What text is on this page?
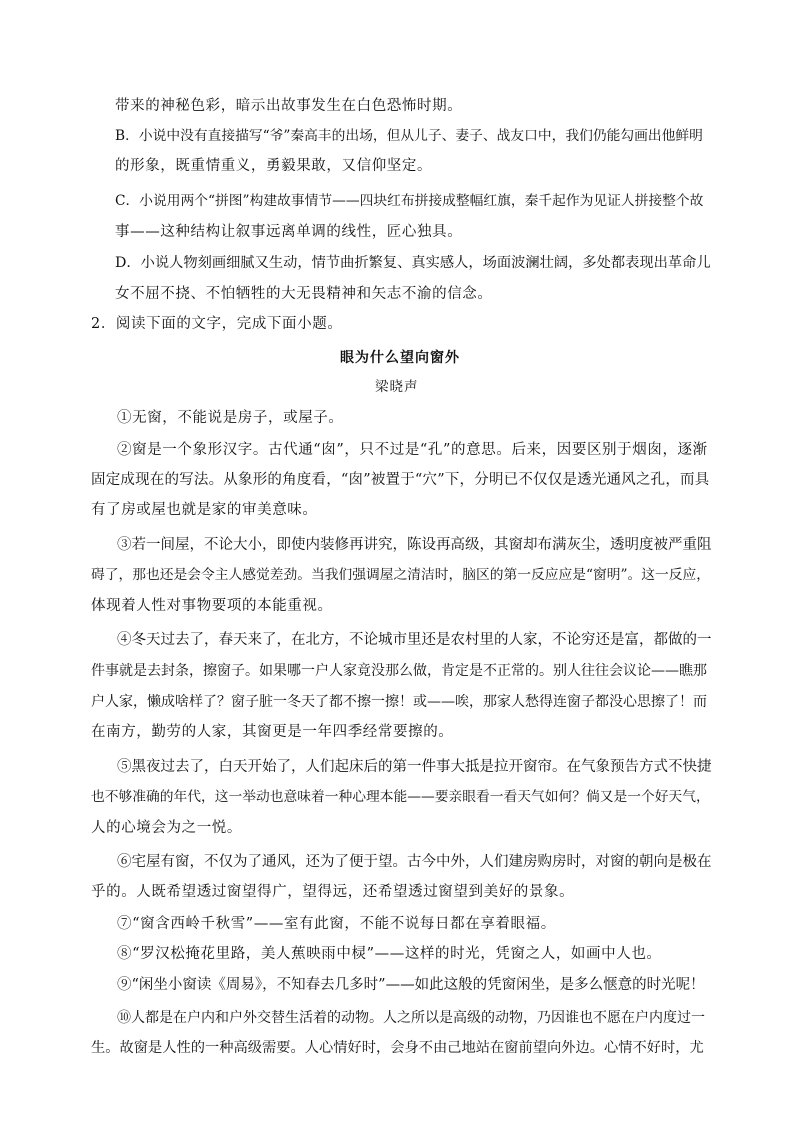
带来的神秘色彩，暗示出故事发生在白色恐怖时期。

B．小说中没有直接描写“爷”秦高丰的出场，但从儿子、妻子、战友口中，我们仍能勾画出他鲜明

的形象，既重情重义，勇毅果敢，又信仰坚定。

C．小说用两个“拼图”构建故事情节——四块红布拼接成整幅红旗，秦千起作为见证人拼接整个故

事——这种结构让叙事远离单调的线性，匠心独具。

D．小说人物刻画细腻又生动，情节曲折繁复、真实感人，场面波澜壮阔，多处都表现出革命儿

女不屈不挠、不怕牺牲的大无畏精神和矢志不渝的信念。

2．阅读下面的文字，完成下面小题。

眼为什么望向窗外

梁晓声

①无窗，不能说是房子，或屋子。

②窗是一个象形汉字。古代通“囱”，只不过是“孔”的意思。后来，因要区别于烟囱，逐渐

固定成现在的写法。从象形的角度看，“囱”被置于“穴”下，分明已不仅仅是透光通风之孔，而具

有了房或屋也就是家的审美意味。

③若一间屋，不论大小，即使内装修再讲究，陈设再高级，其窗却布满灰尘，透明度被严重阻

碍了，那也还是会令主人感觉差劲。当我们强调屋之清洁时，脑区的第一反应应是“窗明”。这一反应，

体现着人性对事物要项的本能重视。

④冬天过去了，春天来了，在北方，不论城市里还是农村里的人家，不论穷还是富，都做的一

件事就是去封条，擦窗子。如果哪一户人家竟没那么做，肯定是不正常的。别人往往会议论——瞧那

户人家，懒成啥样了？窗子脏一冬天了都不擦一擦！或——唉，那家人愁得连窗子都没心思擦了！而

在南方，勤劳的人家，其窗更是一年四季经常要擦的。

⑤黑夜过去了，白天开始了，人们起床后的第一件事大抵是拉开窗帘。在气象预告方式不快捷

也不够准确的年代，这一举动也意味着一种心理本能——要亲眼看一看天气如何？倘又是一个好天气，

人的心境会为之一悦。

⑥宅屋有窗，不仅为了通风，还为了便于望。古今中外，人们建房购房时，对窗的朝向是极在

乎的。人既希望透过窗望得广，望得远，还希望透过窗望到美好的景象。

⑦“窗含西岭千秋雪”——室有此窗，不能不说每日都在享着眼福。

⑧“罗汉松掩花里路，美人蕉映雨中棂”——这样的时光，凭窗之人，如画中人也。

⑨“闲坐小窗读《周易》，不知春去几多时”——如此这般的凭窗闲坐，是多么惬意的时光呢！

⑩人都是在户内和户外交替生活着的动物。人之所以是高级的动物，乃因谁也不愿在户内度过一

生。故窗是人性的一种高级需要。人心情好时，会身不由己地站在窗前望向外边。心情不好时，尤
